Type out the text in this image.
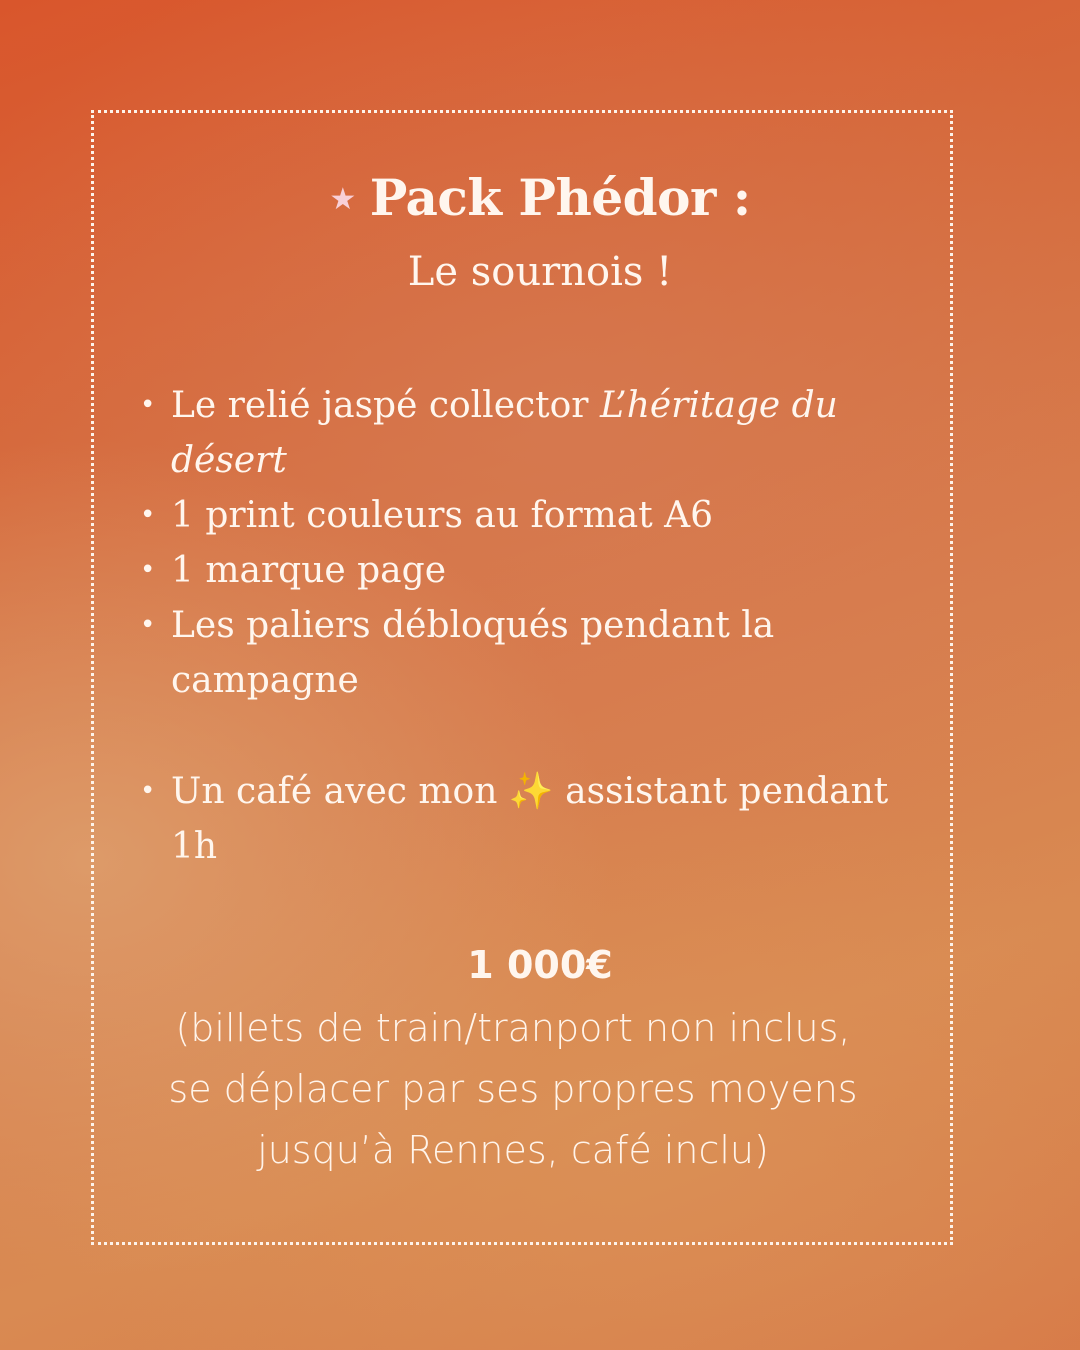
★ Pack Phédor :
Le sournois !
• Le relié jaspé collector L’héritage du désert
• 1 print couleurs au format A6
• 1 marque page
• Les paliers débloqués pendant la campagne
• Un café avec mon ✨ assistant pendant 1h
1 000€
(billets de train/tranport non inclus,
se déplacer par ses propres moyens
jusqu’à Rennes, café inclu)
